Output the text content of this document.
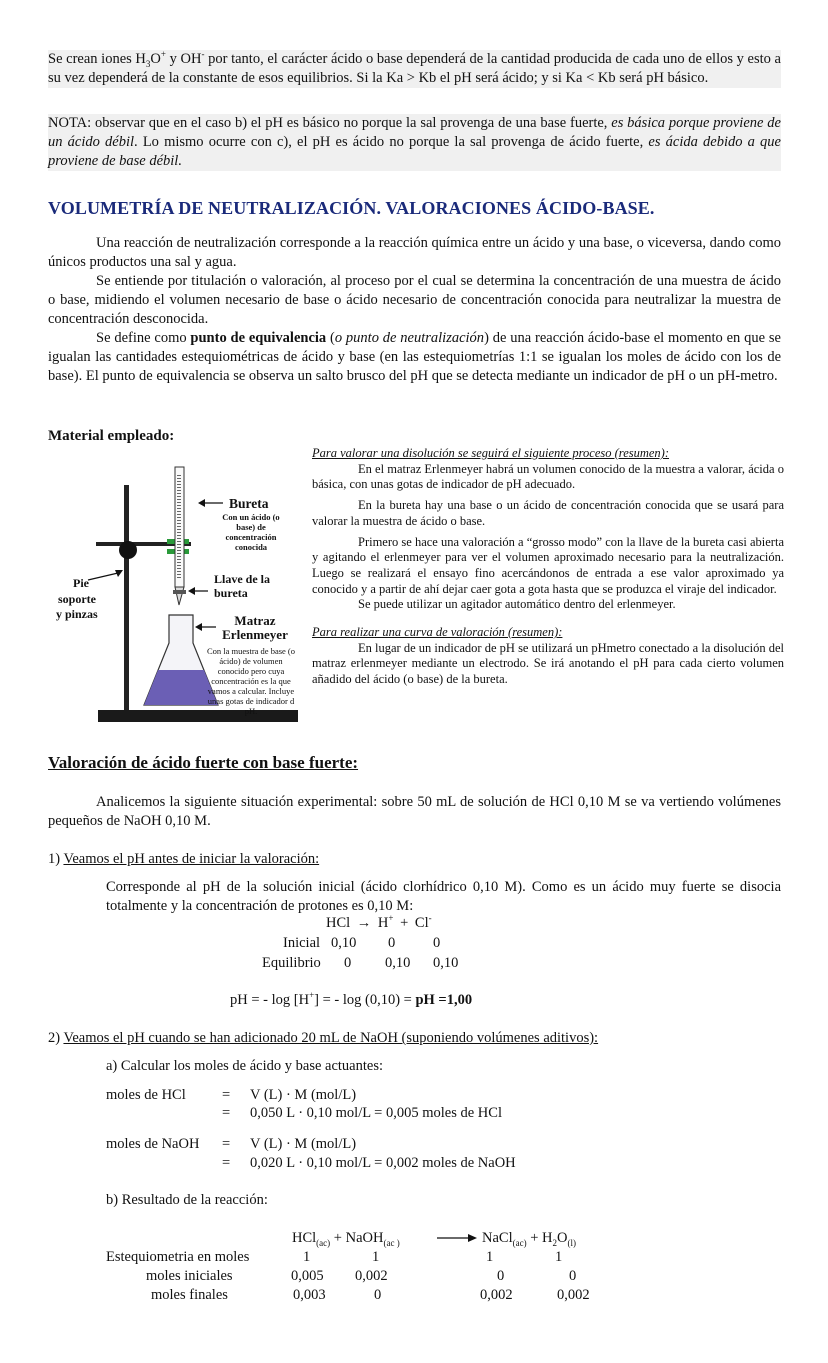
Se crean iones $H_3O^+$ y OH- por tanto, el carácter ácido o base dependerá de la cantidad producida de cada uno de ellos y esto a su vez dependerá de la constante de esos equilibrios. Si la Ka > Kb el pH será ácido; y si Ka < Kb será pH básico.
NOTA: observar que en el caso b) el pH es básico no porque la sal provenga de una base fuerte, es básica porque proviene de un ácido débil. Lo mismo ocurre con c), el pH es ácido no porque la sal provenga de ácido fuerte, es ácida debido a que proviene de base débil.
VOLUMETRÍA DE NEUTRALIZACIÓN. VALORACIONES ÁCIDO-BASE.
Una reacción de neutralización corresponde a la reacción química entre un ácido y una base, o viceversa, dando como únicos productos una sal y agua.
Se entiende por titulación o valoración, al proceso por el cual se determina la concentración de una muestra de ácido o base, midiendo el volumen necesario de base o ácido necesario de concentración conocida para neutralizar la muestra de concentración desconocida.
Se define como punto de equivalencia (o punto de neutralización) de una reacción ácido-base el momento en que se igualan las cantidades estequiométricas de ácido y base (en las estequiometrías 1:1 se igualan los moles de ácido con los de base). El punto de equivalencia se observa un salto brusco del pH que se detecta mediante un indicador de pH o un pH-metro.
Material empleado:
Bureta
Con un ácido (o base) de concentración conocida
Llave de la bureta
Pie
soporte
y pinzas	Matraz Erlenmeyer
Con la muestra de base (o ácido) de volumen conocido pero cuya concentración es la que vamos a calcular. Incluye unas gotas de indicador d pH.
Para valorar una disolución se seguirá el siguiente proceso (resumen):
En el matraz Erlenmeyer habrá un volumen conocido de la muestra a valorar, ácida o básica, con unas gotas de indicador de pH adecuado.
En la bureta hay una base o un ácido de concentración conocida que se usará para valorar la muestra de ácido o base.
Primero se hace una valoración a “grosso modo” con la llave de la bureta casi abierta y agitando el erlenmeyer para ver el volumen aproximado necesario para la neutralización. Luego se realizará el ensayo fino acercándonos de entrada a ese valor aproximado ya conocido y a partir de ahí dejar caer gota a gota hasta que se produzca el viraje del indicador.
Se puede utilizar un agitador automático dentro del erlenmeyer.
Para realizar una curva de valoración (resumen):
En lugar de un indicador de pH se utilizará un pHmetro conectado a la disolución del matraz erlenmeyer mediante un electrodo. Se irá anotando el pH para cada cierto volumen añadido del ácido (o base) de la bureta.
Valoración de ácido fuerte con base fuerte:
Analicemos la siguiente situación experimental: sobre 50 mL de solución de HCl 0,10 M se va vertiendo volúmenes pequeños de NaOH 0,10 M.
1) Veamos el pH antes de iniciar la valoración:
Corresponde al pH de la solución inicial (ácido clorhídrico 0,10 M). Como es un ácido muy fuerte se disocia totalmente y la concentración de protones es 0,10 M:
HCl → H+ + Cl-
Inicial 0,10 0	0
Equilibrio 0 0,10 0,10
pH = - log [H+] = - log (0,10) = pH =1,00
2) Veamos el pH cuando se han adicionado 20 mL de NaOH (suponiendo volúmenes aditivos):
a) Calcular los moles de ácido y base actuantes:
moles de HCl	= V (L) · M (mol/L)
= 0,050 L · 0,10 mol/L = 0,005 moles de HCl
moles de NaOH = V (L) · M (mol/L)
= 0,020 L · 0,10 mol/L = 0,002 moles de NaOH
b) Resultado de la reacción:
HCl$_{(ac)}$ + NaOH$_{(ac )}$ → NaCl$_{(ac)}$ + $H_2O_{(l)}$
Estequiometria en moles	1	1	1	1
moles iniciales	0,005 0,002	0	0
moles finales	0,003	0	0,002	0,002
